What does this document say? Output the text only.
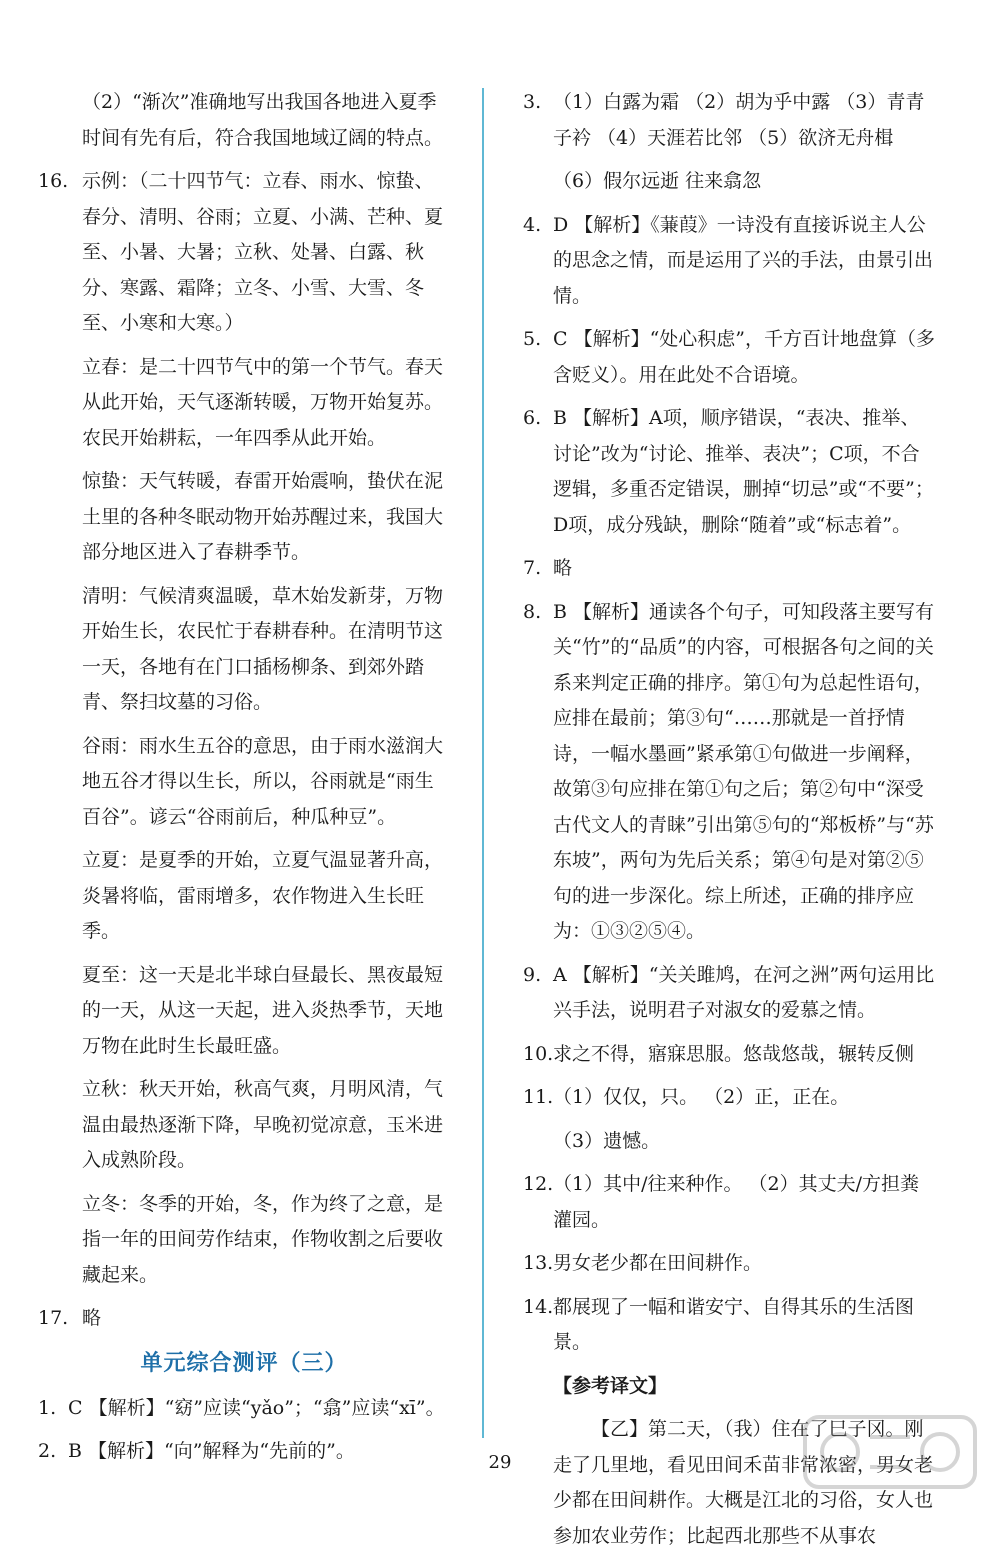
（2）“渐次”准确地写出我国各地进入夏季时间有先有后，符合我国地域辽阔的特点。
16. 示例：（二十四节气：立春、雨水、惊蛰、春分、清明、谷雨；立夏、小满、芒种、夏至、小暑、大暑；立秋、处暑、白露、秋分、寒露、霜降；立冬、小雪、大雪、冬至、小寒和大寒。）
立春：是二十四节气中的第一个节气。春天从此开始，天气逐渐转暖，万物开始复苏。农民开始耕耘，一年四季从此开始。
惊蛰：天气转暖，春雷开始震响，蛰伏在泥土里的各种冬眠动物开始苏醒过来，我国大部分地区进入了春耕季节。
清明：气候清爽温暖，草木始发新芽，万物开始生长，农民忙于春耕春种。在清明节这一天，各地有在门口插杨柳条、到郊外踏青、祭扫坟墓的习俗。
谷雨：雨水生五谷的意思，由于雨水滋润大地五谷才得以生长，所以，谷雨就是“雨生百谷”。谚云“谷雨前后，种瓜种豆”。
立夏：是夏季的开始，立夏气温显著升高，炎暑将临，雷雨增多，农作物进入生长旺季。
夏至：这一天是北半球白昼最长、黑夜最短的一天，从这一天起，进入炎热季节，天地万物在此时生长最旺盛。
立秋：秋天开始，秋高气爽，月明风清，气温由最热逐渐下降，早晚初觉凉意，玉米进入成熟阶段。
立冬：冬季的开始，冬，作为终了之意，是指一年的田间劳作结束，作物收割之后要收藏起来。
17. 略
单元综合测评（三）
1. C 【解析】“窈”应读“yǎo”；“翕”应读“xī”。
2. B 【解析】“向”解释为“先前的”。
3. （1）白露为霜 （2）胡为乎中露 （3）青青子衿 （4）天涯若比邻 （5）欲济无舟楫
（6）假尔远逝 往来翕忽
4. D 【解析】《蒹葭》一诗没有直接诉说主人公的思念之情，而是运用了兴的手法，由景引出情。
5. C 【解析】“处心积虑”，千方百计地盘算（多含贬义）。用在此处不合语境。
6. B 【解析】A项，顺序错误，“表决、推举、讨论”改为“讨论、推举、表决”；C项，不合逻辑，多重否定错误，删掉“切忌”或“不要”；D项，成分残缺，删除“随着”或“标志着”。
7. 略
8. B 【解析】通读各个句子，可知段落主要写有关“竹”的“品质”的内容，可根据各句之间的关系来判定正确的排序。第①句为总起性语句，应排在最前；第③句“……那就是一首抒情诗，一幅水墨画”紧承第①句做进一步阐释，故第③句应排在第①句之后；第②句中“深受古代文人的青睐”引出第⑤句的“郑板桥”与“苏东坡”，两句为先后关系；第④句是对第②⑤句的进一步深化。综上所述，正确的排序应为：①③②⑤④。
9. A 【解析】“关关雎鸠，在河之洲”两句运用比兴手法，说明君子对淑女的爱慕之情。
10. 求之不得，寤寐思服。悠哉悠哉，辗转反侧
11. （1）仅仅，只。 （2）正，正在。
（3）遗憾。
12. （1）其中/往来种作。 （2）其丈夫/方担粪灌园。
13. 男女老少都在田间耕作。
14. 都展现了一幅和谐安宁、自得其乐的生活图景。
【参考译文】
【乙】第二天，（我）住在了巳子冈。刚走了几里地，看见田间禾苗非常浓密，男女老少都在田间耕作。大概是江北的习俗，女人也参加农业劳作；比起西北那些不从事农
29
